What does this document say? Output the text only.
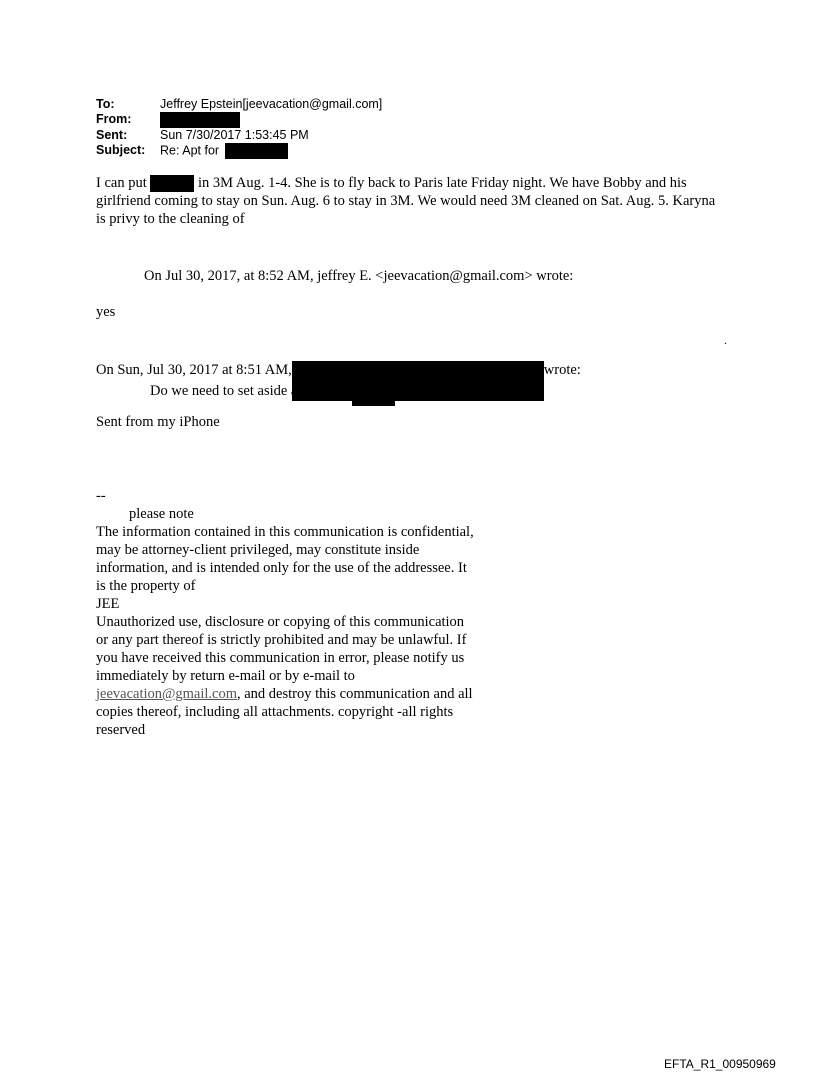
To:	Jeffrey Epstein[jeevacation@gmail.com]
From:
Sent:	Sun 7/30/2017 1:53:45 PM
Subject:	Re: Apt for
I can put	in 3M Aug. 1-4. She is to fly back to Paris late Friday night. We have Bobby and his girlfriend coming to stay on Sun. Aug. 6 to stay in 3M. We would need 3M cleaned on Sat. Aug. 5. Karyna is privy to the cleaning of
On Jul 30, 2017, at 8:52 AM, jeffrey E. <jeevacation@gmail.com> wrote:
yes
On Sun, Jul 30, 2017 at 8:51 AM,	wrote:
Do we need to set aside an apt for	tues-fri?
Sent from my iPhone
--
please note
The information contained in this communication is confidential, may be attorney-client privileged, may constitute inside information, and is intended only for the use of the addressee. It is the property of
JEE
Unauthorized use, disclosure or copying of this communication or any part thereof is strictly prohibited and may be unlawful. If you have received this communication in error, please notify us immediately by return e-mail or by e-mail to jeevacation@gmail.com, and destroy this communication and all copies thereof, including all attachments. copyright -all rights reserved
.
EFTA_R1_00950969
